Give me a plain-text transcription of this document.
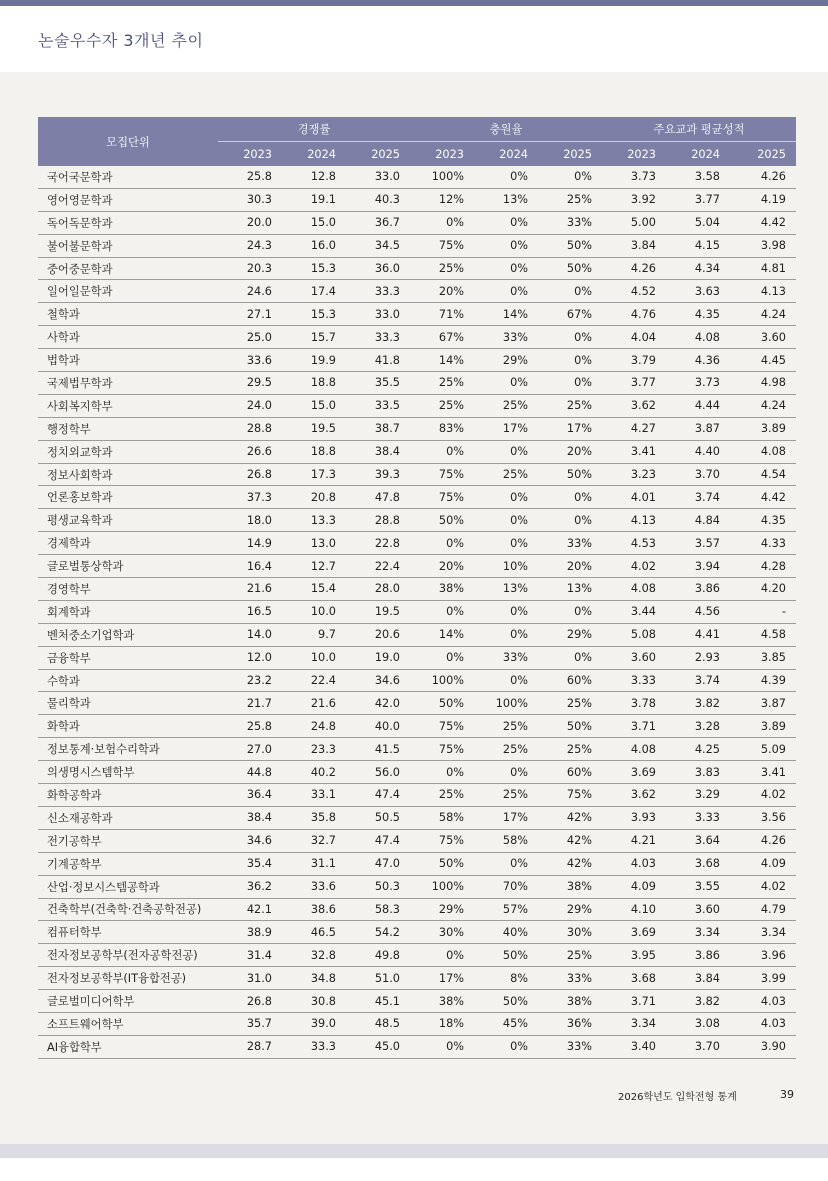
논술우수자 3개년 추이
모집단위	경쟁률			충원율			주요교과 평균성적		
	2023	2024	2025	2023	2024	2025	2023	2024	2025
국어국문학과	25.8	12.8	33.0	100%	0%	0%	3.73	3.58	4.26
영어영문학과	30.3	19.1	40.3	12%	13%	25%	3.92	3.77	4.19
독어독문학과	20.0	15.0	36.7	0%	0%	33%	5.00	5.04	4.42
불어불문학과	24.3	16.0	34.5	75%	0%	50%	3.84	4.15	3.98
중어중문학과	20.3	15.3	36.0	25%	0%	50%	4.26	4.34	4.81
일어일문학과	24.6	17.4	33.3	20%	0%	0%	4.52	3.63	4.13
철학과	27.1	15.3	33.0	71%	14%	67%	4.76	4.35	4.24
사학과	25.0	15.7	33.3	67%	33%	0%	4.04	4.08	3.60
법학과	33.6	19.9	41.8	14%	29%	0%	3.79	4.36	4.45
국제법무학과	29.5	18.8	35.5	25%	0%	0%	3.77	3.73	4.98
사회복지학부	24.0	15.0	33.5	25%	25%	25%	3.62	4.44	4.24
행정학부	28.8	19.5	38.7	83%	17%	17%	4.27	3.87	3.89
정치외교학과	26.6	18.8	38.4	0%	0%	20%	3.41	4.40	4.08
정보사회학과	26.8	17.3	39.3	75%	25%	50%	3.23	3.70	4.54
언론홍보학과	37.3	20.8	47.8	75%	0%	0%	4.01	3.74	4.42
평생교육학과	18.0	13.3	28.8	50%	0%	0%	4.13	4.84	4.35
경제학과	14.9	13.0	22.8	0%	0%	33%	4.53	3.57	4.33
글로벌통상학과	16.4	12.7	22.4	20%	10%	20%	4.02	3.94	4.28
경영학부	21.6	15.4	28.0	38%	13%	13%	4.08	3.86	4.20
회계학과	16.5	10.0	19.5	0%	0%	0%	3.44	4.56	-
벤처중소기업학과	14.0	9.7	20.6	14%	0%	29%	5.08	4.41	4.58
금융학부	12.0	10.0	19.0	0%	33%	0%	3.60	2.93	3.85
수학과	23.2	22.4	34.6	100%	0%	60%	3.33	3.74	4.39
물리학과	21.7	21.6	42.0	50%	100%	25%	3.78	3.82	3.87
화학과	25.8	24.8	40.0	75%	25%	50%	3.71	3.28	3.89
정보통계·보험수리학과	27.0	23.3	41.5	75%	25%	25%	4.08	4.25	5.09
의생명시스템학부	44.8	40.2	56.0	0%	0%	60%	3.69	3.83	3.41
화학공학과	36.4	33.1	47.4	25%	25%	75%	3.62	3.29	4.02
신소재공학과	38.4	35.8	50.5	58%	17%	42%	3.93	3.33	3.56
전기공학부	34.6	32.7	47.4	75%	58%	42%	4.21	3.64	4.26
기계공학부	35.4	31.1	47.0	50%	0%	42%	4.03	3.68	4.09
산업·정보시스템공학과	36.2	33.6	50.3	100%	70%	38%	4.09	3.55	4.02
건축학부(건축학·건축공학전공)	42.1	38.6	58.3	29%	57%	29%	4.10	3.60	4.79
컴퓨터학부	38.9	46.5	54.2	30%	40%	30%	3.69	3.34	3.34
전자정보공학부(전자공학전공)	31.4	32.8	49.8	0%	50%	25%	3.95	3.86	3.96
전자정보공학부(IT융합전공)	31.0	34.8	51.0	17%	8%	33%	3.68	3.84	3.99
글로벌미디어학부	26.8	30.8	45.1	38%	50%	38%	3.71	3.82	4.03
소프트웨어학부	35.7	39.0	48.5	18%	45%	36%	3.34	3.08	4.03
AI융합학부	28.7	33.3	45.0	0%	0%	33%	3.40	3.70	3.90
2026학년도 입학전형 통계	39
